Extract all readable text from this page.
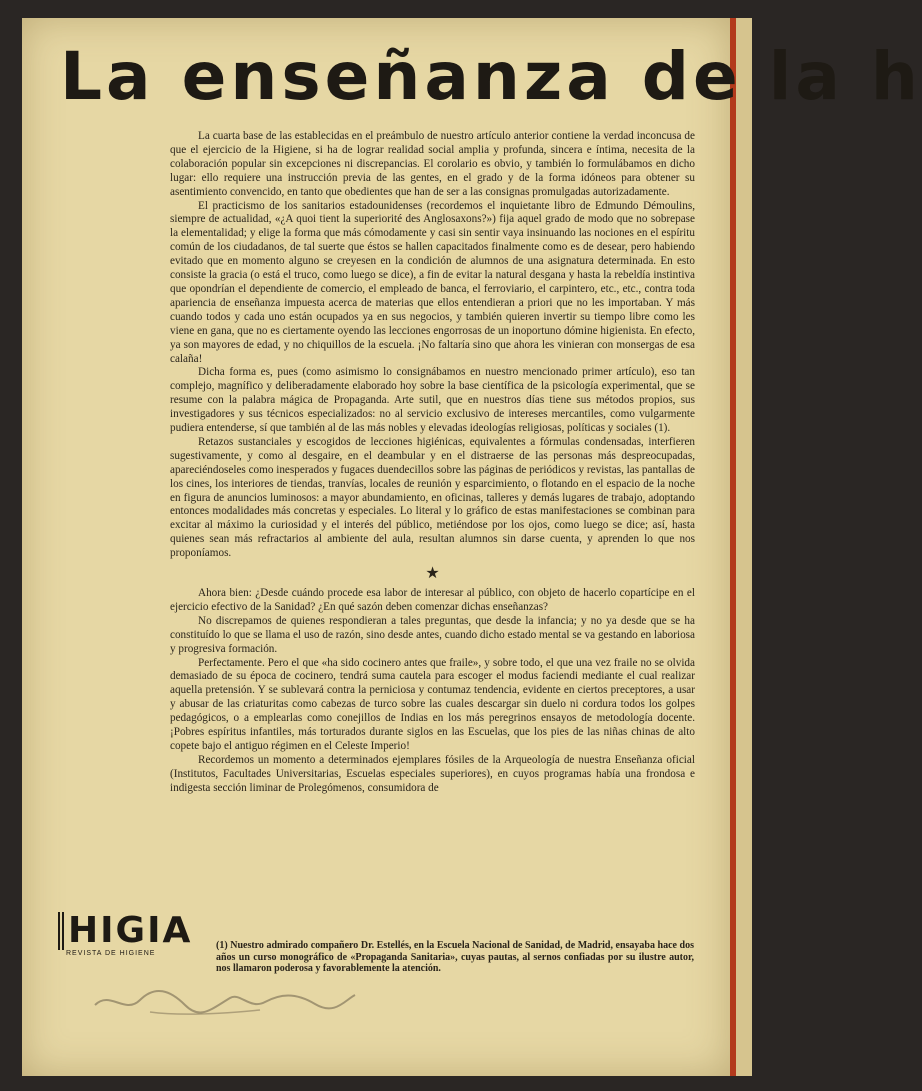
La enseñanza de la h

La cuarta base de las establecidas en el preámbulo de nuestro artículo anterior contiene la verdad inconcusa de que el ejercicio de la Higiene, si ha de lograr realidad social amplia y profunda, sincera e íntima, necesita de la colaboración popular sin excepciones ni discrepancias. El corolario es obvio, y también lo formulábamos en dicho lugar: ello requiere una instrucción previa de las gentes, en el grado y de la forma idóneos para obtener su asentimiento convencido, en tanto que obedientes que han de ser a las consignas promulgadas autorizadamente.

El practicismo de los sanitarios estadounidenses (recordemos el inquietante libro de Edmundo Démoulins, siempre de actualidad, «¿A quoi tient la superiorité des Anglosaxons?») fija aquel grado de modo que no sobrepase la elementalidad; y elige la forma que más cómodamente y casi sin sentir vaya insinuando las nociones en el espíritu común de los ciudadanos, de tal suerte que éstos se hallen capacitados finalmente como es de desear, pero habiendo evitado que en momento alguno se creyesen en la condición de alumnos de una asignatura determinada. En esto consiste la gracia (o está el truco, como luego se dice), a fin de evitar la natural desgana y hasta la rebeldía instintiva que opondrían el dependiente de comercio, el empleado de banca, el ferroviario, el carpintero, etc., etc., contra toda apariencia de enseñanza impuesta acerca de materias que ellos entendieran a priori que no les importaban. Y más cuando todos y cada uno están ocupados ya en sus negocios, y también quieren invertir su tiempo libre como les viene en gana, que no es ciertamente oyendo las lecciones engorrosas de un inoportuno dómine higienista. En efecto, ya son mayores de edad, y no chiquillos de la escuela. ¡No faltaría sino que ahora les vinieran con monsergas de esa calaña!

Dicha forma es, pues (como asimismo lo consignábamos en nuestro mencionado primer artículo), eso tan complejo, magnífico y deliberadamente elaborado hoy sobre la base científica de la psicología experimental, que se resume con la palabra mágica de Propaganda. Arte sutil, que en nuestros días tiene sus métodos propios, sus investigadores y sus técnicos especializados: no al servicio exclusivo de intereses mercantiles, como vulgarmente pudiera entenderse, sí que también al de las más nobles y elevadas ideologías religiosas, políticas y sociales (1).

Retazos sustanciales y escogidos de lecciones higiénicas, equivalentes a fórmulas condensadas, interfieren sugestivamente, y como al desgaire, en el deambular y en el distraerse de las personas más despreocupadas, apareciéndoseles como inesperados y fugaces duendecillos sobre las páginas de periódicos y revistas, las pantallas de los cines, los interiores de tiendas, tranvías, locales de reunión y esparcimiento, o flotando en el espacio de la noche en figura de anuncios luminosos: a mayor abundamiento, en oficinas, talleres y demás lugares de trabajo, adoptando entonces modalidades más concretas y especiales. Lo literal y lo gráfico de estas manifestaciones se combinan para excitar al máximo la curiosidad y el interés del público, metiéndose por los ojos, como luego se dice; así, hasta quienes sean más refractarios al ambiente del aula, resultan alumnos sin darse cuenta, y aprenden lo que nos proponíamos.

★

Ahora bien: ¿Desde cuándo procede esa labor de interesar al público, con objeto de hacerlo copartícipe en el ejercicio efectivo de la Sanidad? ¿En qué sazón deben comenzar dichas enseñanzas?

No discrepamos de quienes respondieran a tales preguntas, que desde la infancia; y no ya desde que se ha constituído lo que se llama el uso de razón, sino desde antes, cuando dicho estado mental se va gestando en laboriosa y progresiva formación.

Perfectamente. Pero el que «ha sido cocinero antes que fraile», y sobre todo, el que una vez fraile no se olvida demasiado de su época de cocinero, tendrá suma cautela para escoger el modus faciendi mediante el cual realizar aquella pretensión. Y se sublevará contra la perniciosa y contumaz tendencia, evidente en ciertos preceptores, a usar y abusar de las criaturitas como cabezas de turco sobre las cuales descargar sin duelo ni cordura todos los golpes pedagógicos, o a emplearlas como conejillos de Indias en los más peregrinos ensayos de metodología docente. ¡Pobres espíritus infantiles, más torturados durante siglos en las Escuelas, que los pies de las niñas chinas de alto copete bajo el antiguo régimen en el Celeste Imperio!

Recordemos un momento a determinados ejemplares fósiles de la Arqueología de nuestra Enseñanza oficial (Institutos, Facultades Universitarias, Escuelas especiales superiores), en cuyos programas había una frondosa e indigesta sección liminar de Prolegómenos, consumidora de

HIGIA
REVISTA DE HIGIENE
(1) Nuestro admirado compañero Dr. Estellés, en la Escuela Nacional de Sanidad, de Madrid, ensayaba hace dos años un curso monográfico de «Propaganda Sanitaria», cuyas pautas, al sernos confiadas por su ilustre autor, nos llamaron poderosa y favorablemente la atención.
